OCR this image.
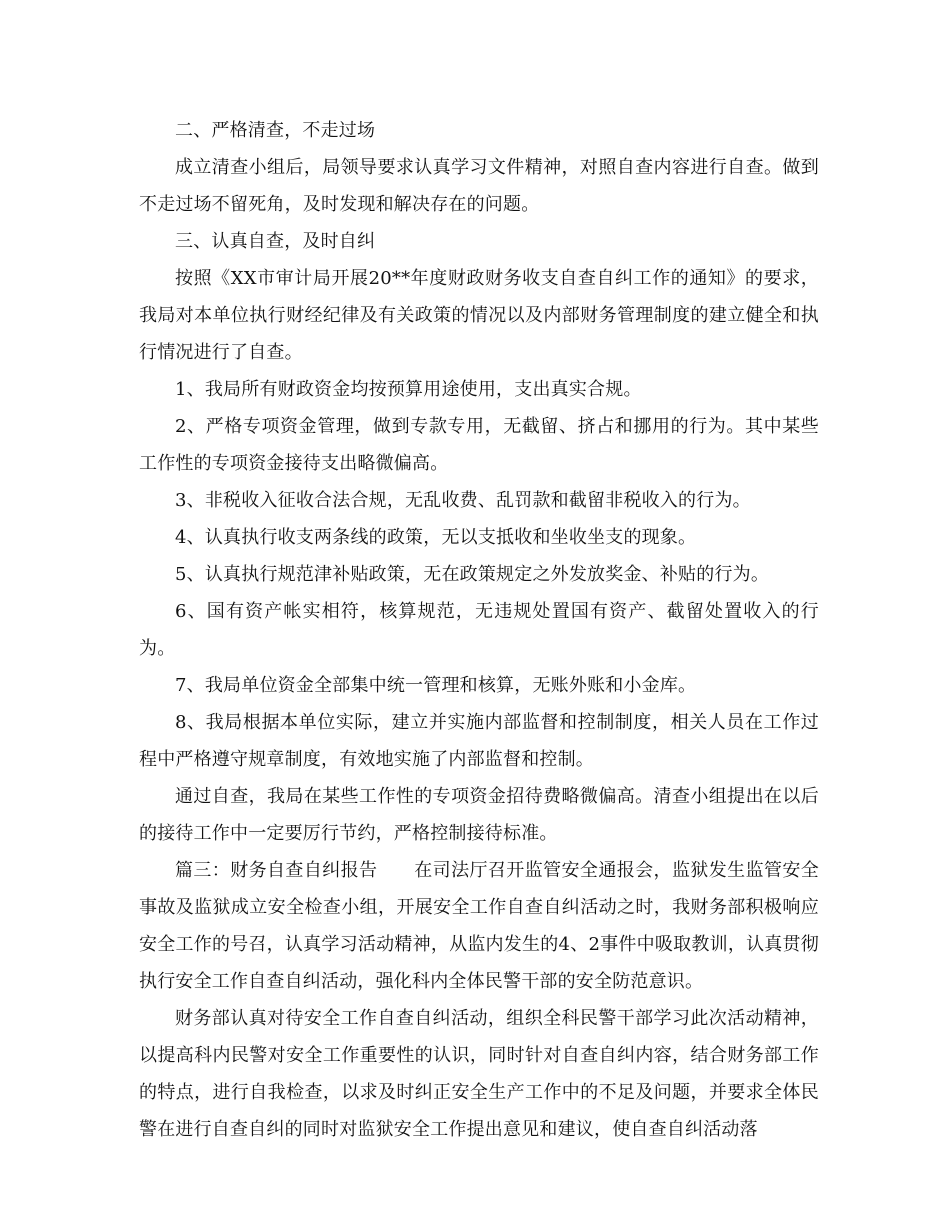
二、严格清查，不走过场

成立清查小组后，局领导要求认真学习文件精神，对照自查内容进行自查。做到不走过场不留死角，及时发现和解决存在的问题。

三、认真自查，及时自纠

按照《XX市审计局开展20**年度财政财务收支自查自纠工作的通知》的要求，我局对本单位执行财经纪律及有关政策的情况以及内部财务管理制度的建立健全和执行情况进行了自查。

1、我局所有财政资金均按预算用途使用，支出真实合规。

2、严格专项资金管理，做到专款专用，无截留、挤占和挪用的行为。其中某些工作性的专项资金接待支出略微偏高。

3、非税收入征收合法合规，无乱收费、乱罚款和截留非税收入的行为。

4、认真执行收支两条线的政策，无以支抵收和坐收坐支的现象。

5、认真执行规范津补贴政策，无在政策规定之外发放奖金、补贴的行为。

6、国有资产帐实相符，核算规范，无违规处置国有资产、截留处置收入的行为。

7、我局单位资金全部集中统一管理和核算，无账外账和小金库。

8、我局根据本单位实际，建立并实施内部监督和控制制度，相关人员在工作过程中严格遵守规章制度，有效地实施了内部监督和控制。

通过自查，我局在某些工作性的专项资金招待费略微偏高。清查小组提出在以后的接待工作中一定要厉行节约，严格控制接待标准。

篇三：财务自查自纠报告　　在司法厅召开监管安全通报会，监狱发生监管安全事故及监狱成立安全检查小组，开展安全工作自查自纠活动之时，我财务部积极响应安全工作的号召，认真学习活动精神，从监内发生的4、2事件中吸取教训，认真贯彻执行安全工作自查自纠活动，强化科内全体民警干部的安全防范意识。

财务部认真对待安全工作自查自纠活动，组织全科民警干部学习此次活动精神，以提高科内民警对安全工作重要性的认识，同时针对自查自纠内容，结合财务部工作的特点，进行自我检查，以求及时纠正安全生产工作中的不足及问题，并要求全体民警在进行自查自纠的同时对监狱安全工作提出意见和建议，使自查自纠活动落
